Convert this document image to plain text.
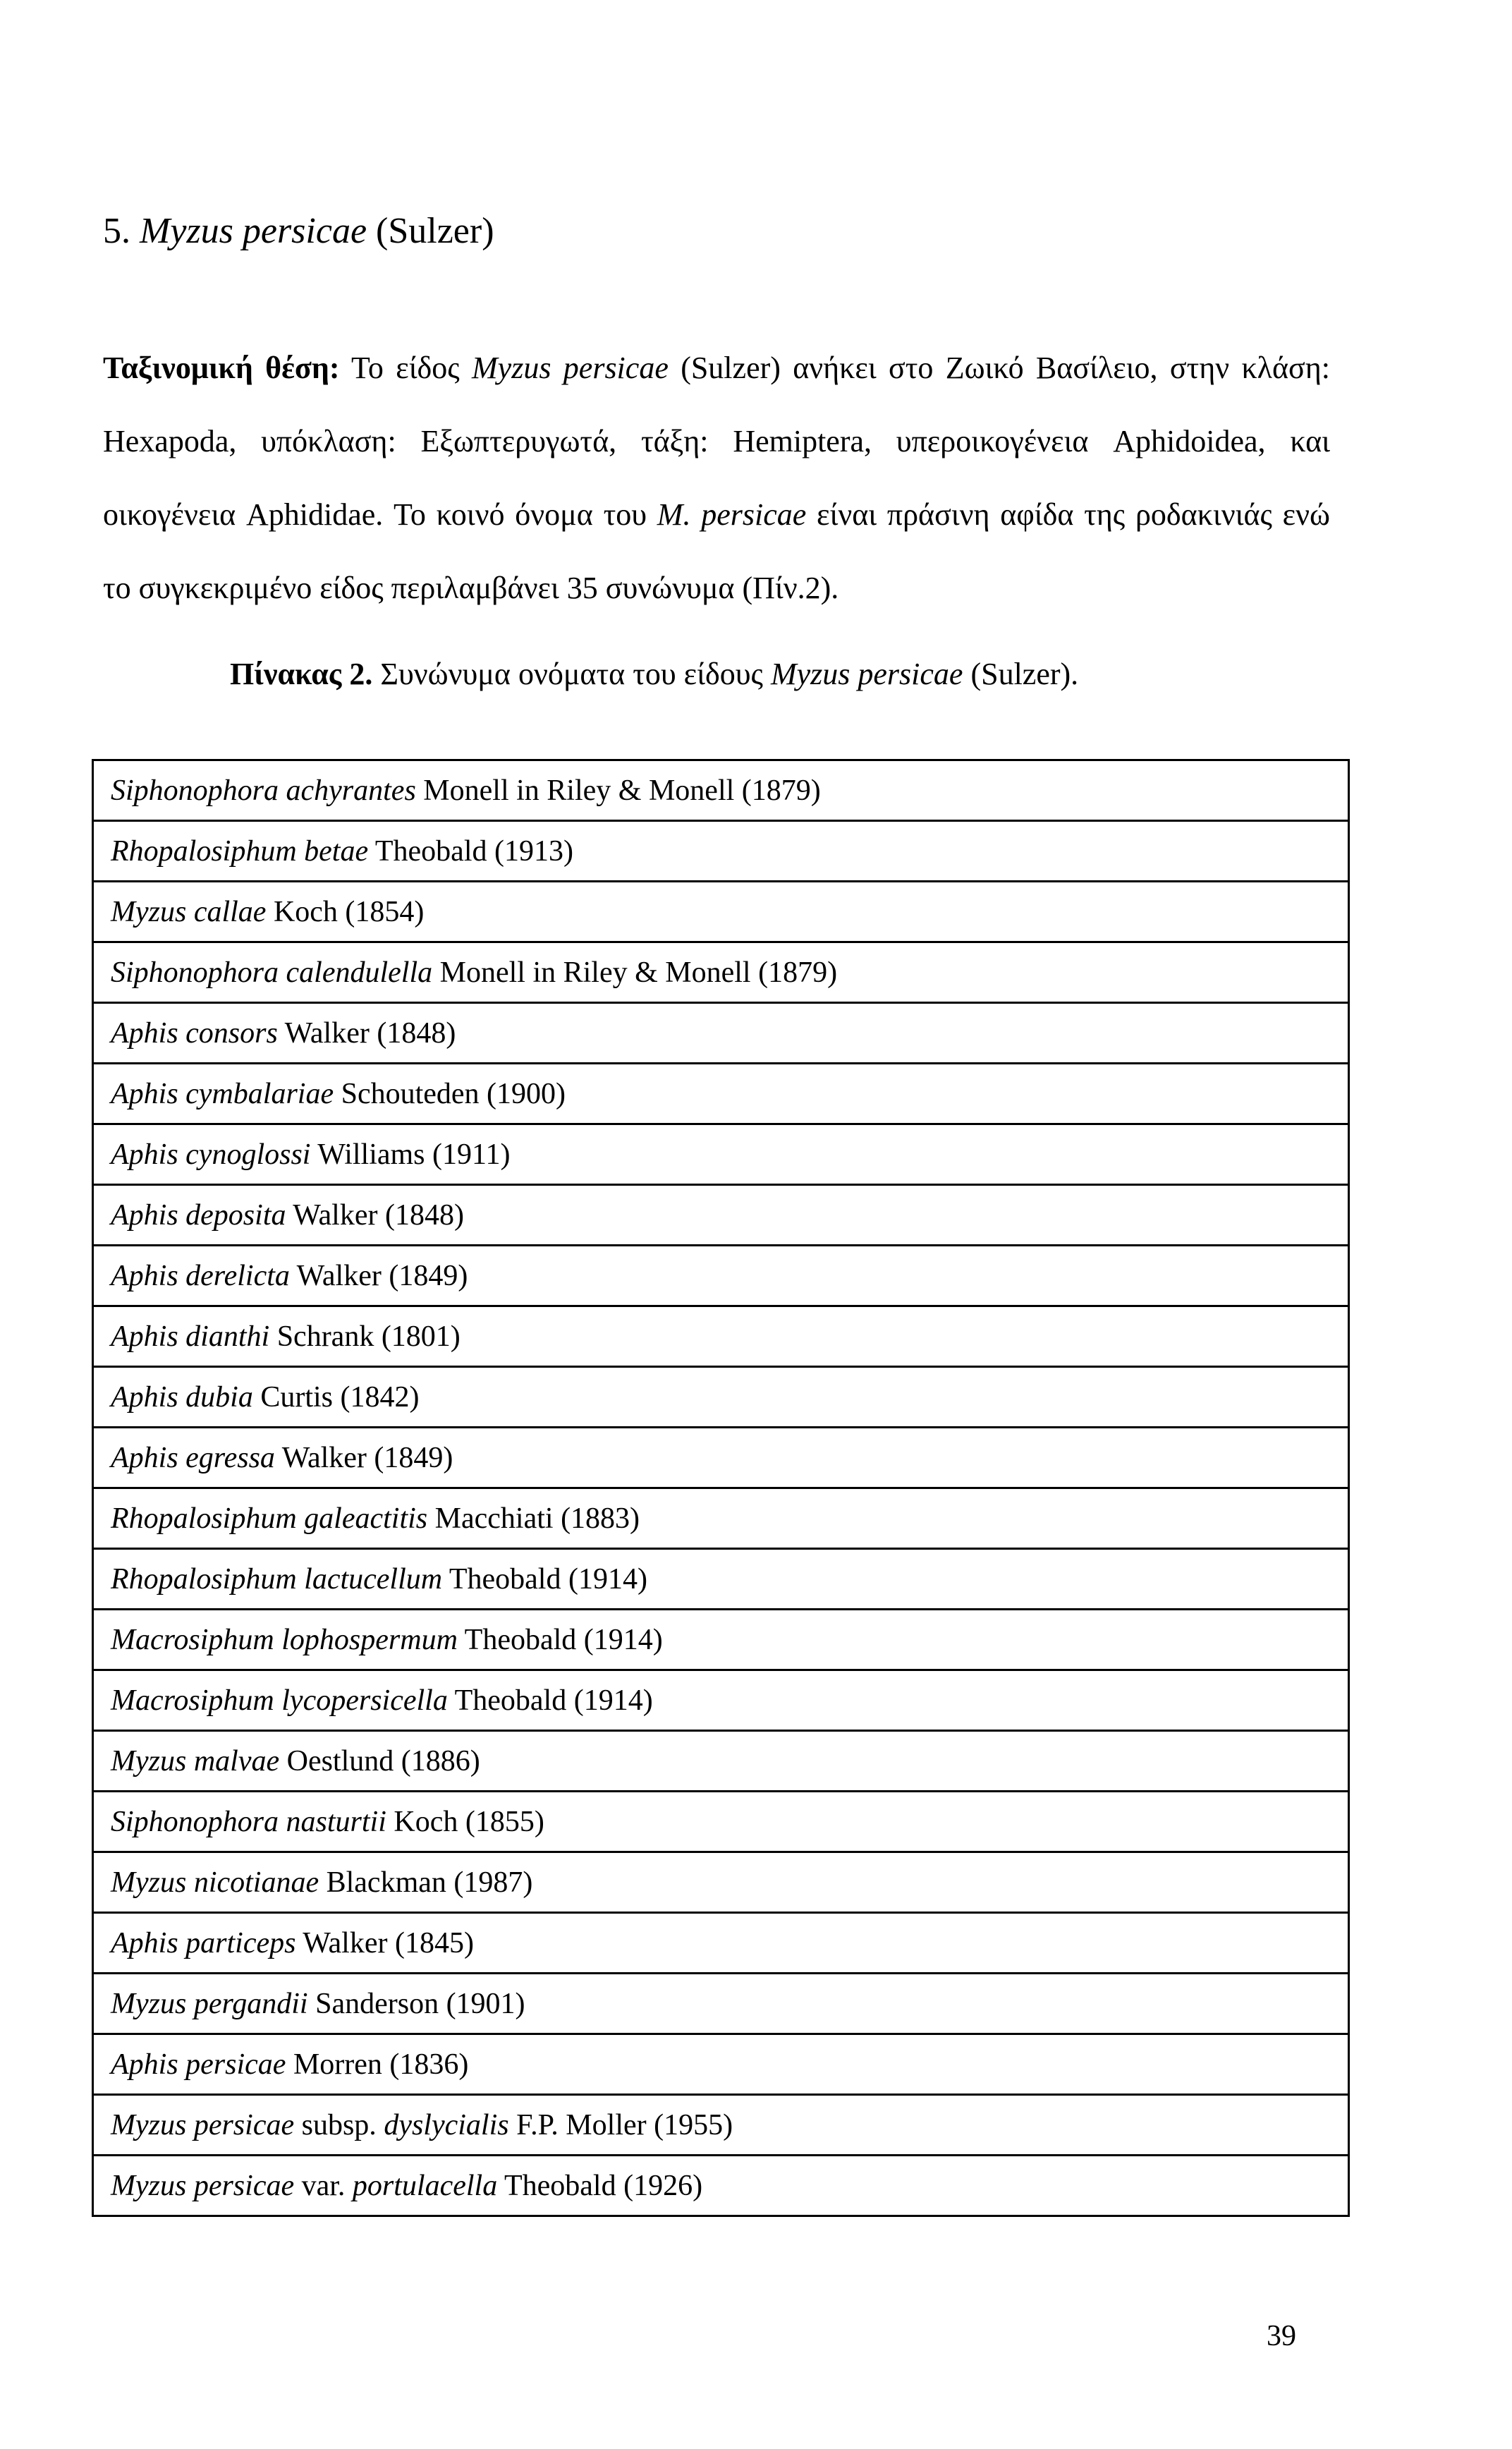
5. Myzus persicae (Sulzer)
Ταξινομική θέση: Το είδος Myzus persicae (Sulzer) ανήκει στο Ζωικό Βασίλειο, στην κλάση: Hexapoda, υπόκλαση: Εξωπτερυγωτά, τάξη: Hemiptera, υπεροικογένεια Aphidoidea, και οικογένεια Aphididae. Το κοινό όνομα του M. persicae είναι πράσινη αφίδα της ροδακινιάς ενώ το συγκεκριμένο είδος περιλαμβάνει 35 συνώνυμα (Πίν.2).
Πίνακας 2. Συνώνυμα ονόματα του είδους Myzus persicae (Sulzer).
Siphonophora achyrantes Monell in Riley & Monell (1879)
Rhopalosiphum betae Theobald (1913)
Myzus callae Koch (1854)
Siphonophora calendulella Monell in Riley & Monell (1879)
Aphis consors Walker (1848)
Aphis cymbalariae Schouteden (1900)
Aphis cynoglossi Williams (1911)
Aphis deposita Walker (1848)
Aphis derelicta Walker (1849)
Aphis dianthi Schrank (1801)
Aphis dubia Curtis (1842)
Aphis egressa Walker (1849)
Rhopalosiphum galeactitis Macchiati (1883)
Rhopalosiphum lactucellum Theobald (1914)
Macrosiphum lophospermum Theobald (1914)
Macrosiphum lycopersicella Theobald (1914)
Myzus malvae Oestlund (1886)
Siphonophora nasturtii Koch (1855)
Myzus nicotianae Blackman (1987)
Aphis particeps Walker (1845)
Myzus pergandii Sanderson (1901)
Aphis persicae Morren (1836)
Myzus persicae subsp. dyslycialis F.P. Moller (1955)
Myzus persicae var. portulacella Theobald (1926)
39
